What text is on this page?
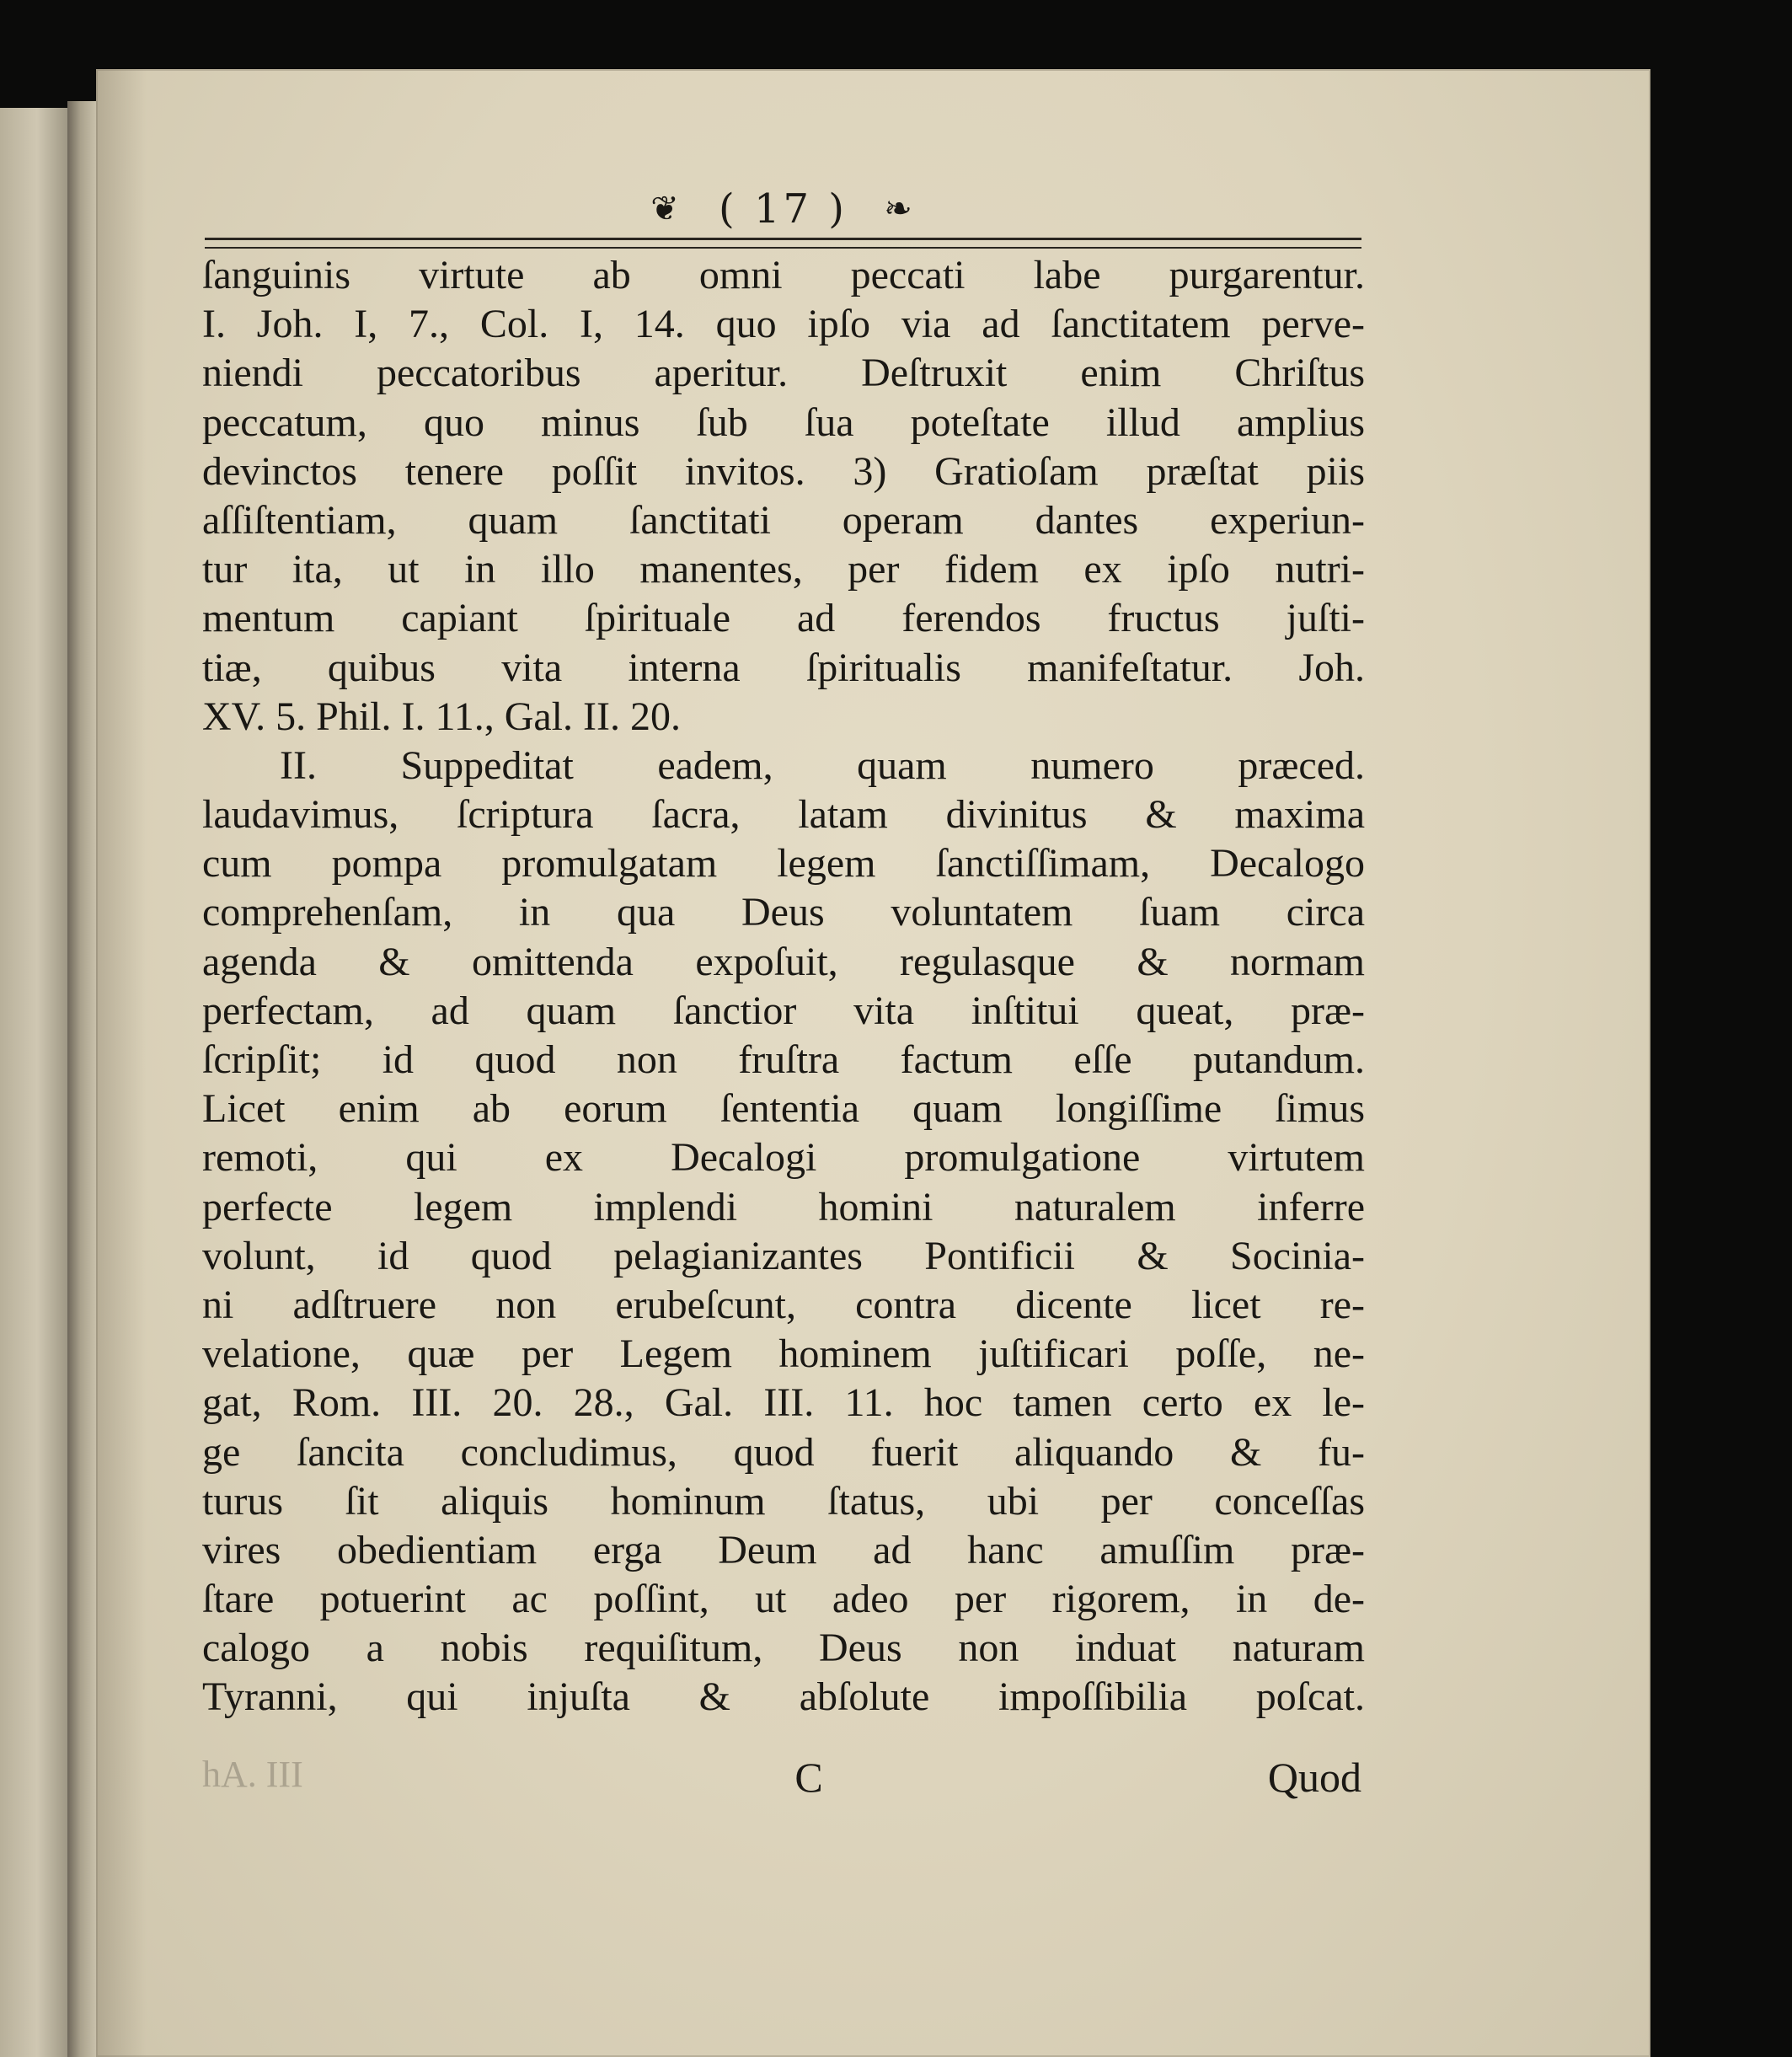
❦ ( 17 ) ❧
ſanguinis virtute ab omni peccati labe purgarentur.
I. Joh. I, 7., Col. I, 14. quo ipſo via ad ſanctitatem perve-
niendi peccatoribus aperitur. Deſtruxit enim Chriſtus
peccatum, quo minus ſub ſua poteſtate illud amplius
devinctos tenere poſſit invitos. 3) Gratioſam præſtat piis
aſſiſtentiam, quam ſanctitati operam dantes experiun-
tur ita, ut in illo manentes, per fidem ex ipſo nutri-
mentum capiant ſpirituale ad ferendos fructus juſti-
tiæ, quibus vita interna ſpiritualis manifeſtatur. Joh.
XV. 5. Phil. I. 11., Gal. II. 20.
II. Suppeditat eadem, quam numero præced.
laudavimus, ſcriptura ſacra, latam divinitus & maxima
cum pompa promulgatam legem ſanctiſſimam, Decalogo
comprehenſam, in qua Deus voluntatem ſuam circa
agenda & omittenda expoſuit, regulasque & normam
perfectam, ad quam ſanctior vita inſtitui queat, præ-
ſcripſit; id quod non fruſtra factum eſſe putandum.
Licet enim ab eorum ſententia quam longiſſime ſimus
remoti, qui ex Decalogi promulgatione virtutem
perfecte legem implendi homini naturalem inferre
volunt, id quod pelagianizantes Pontificii & Socinia-
ni adſtruere non erubeſcunt, contra dicente licet re-
velatione, quæ per Legem hominem juſtificari poſſe, ne-
gat, Rom. III. 20. 28., Gal. III. 11. hoc tamen certo ex le-
ge ſancita concludimus, quod fuerit aliquando & fu-
turus ſit aliquis hominum ſtatus, ubi per conceſſas
vires obedientiam erga Deum ad hanc amuſſim præ-
ſtare potuerint ac poſſint, ut adeo per rigorem, in de-
calogo a nobis requiſitum, Deus non induat naturam
Tyranni, qui injuſta & abſolute impoſſibilia poſcat.
hA. III	C	Quod
